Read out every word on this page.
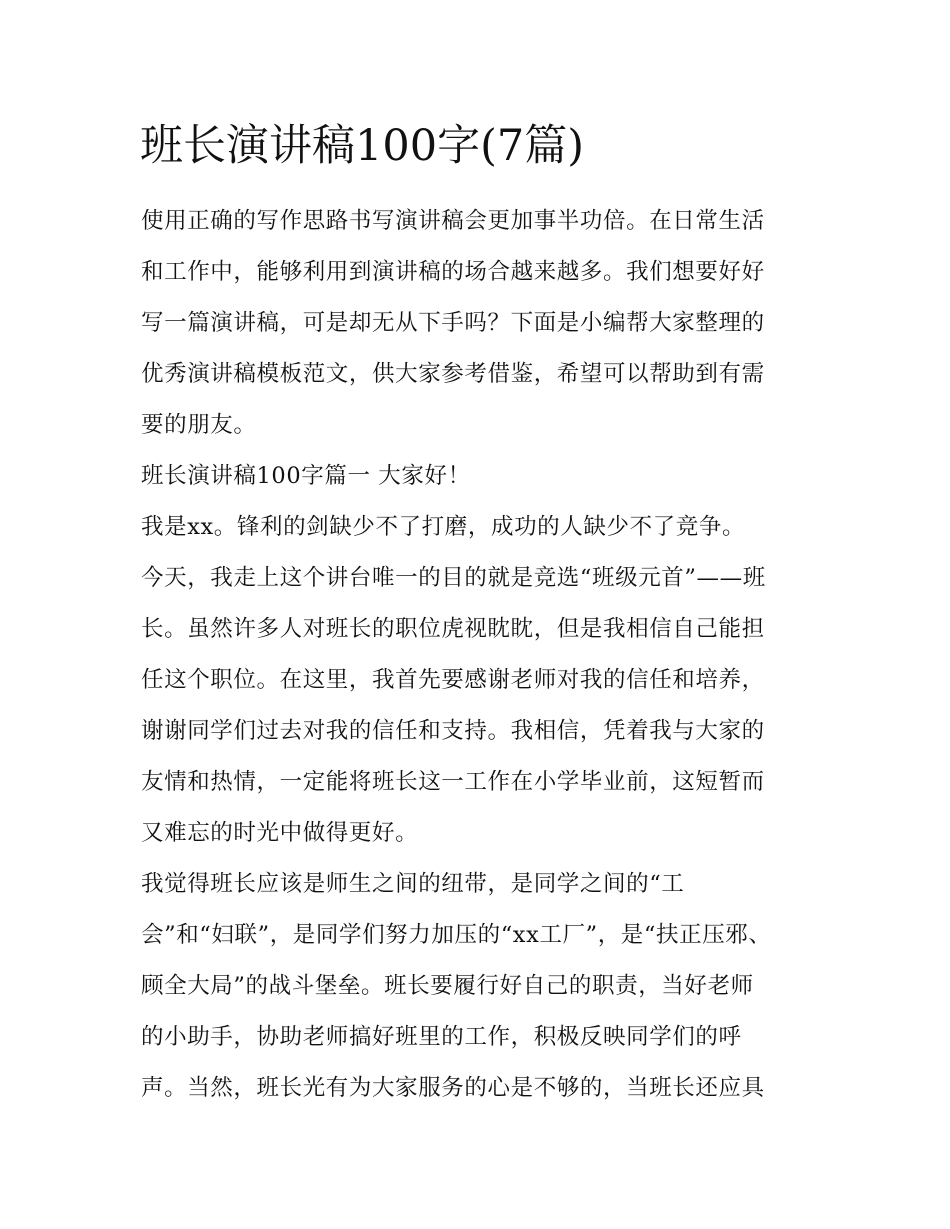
班长演讲稿100字(7篇)
使用正确的写作思路书写演讲稿会更加事半功倍。在日常生活
和工作中，能够利用到演讲稿的场合越来越多。我们想要好好
写一篇演讲稿，可是却无从下手吗？下面是小编帮大家整理的
优秀演讲稿模板范文，供大家参考借鉴，希望可以帮助到有需
要的朋友。
班长演讲稿100字篇一 大家好！
我是xx。锋利的剑缺少不了打磨，成功的人缺少不了竞争。
今天，我走上这个讲台唯一的目的就是竞选“班级元首”——班
长。虽然许多人对班长的职位虎视眈眈，但是我相信自己能担
任这个职位。在这里，我首先要感谢老师对我的信任和培养，
谢谢同学们过去对我的信任和支持。我相信，凭着我与大家的
友情和热情，一定能将班长这一工作在小学毕业前，这短暂而
又难忘的时光中做得更好。
我觉得班长应该是师生之间的纽带，是同学之间的“工
会”和“妇联”，是同学们努力加压的“xx工厂”，是“扶正压邪、
顾全大局”的战斗堡垒。班长要履行好自己的职责，当好老师
的小助手，协助老师搞好班里的工作，积极反映同学们的呼
声。当然，班长光有为大家服务的心是不够的，当班长还应具
